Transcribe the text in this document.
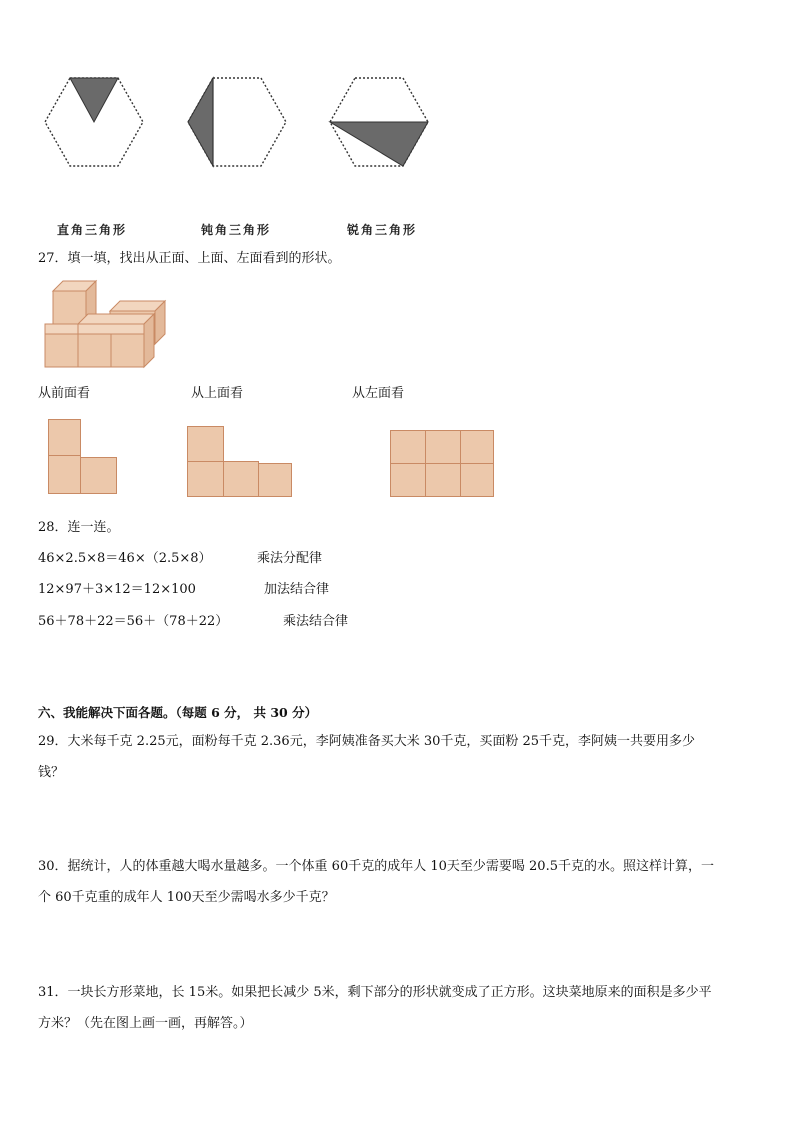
直角三角形	钝角三角形	锐角三角形
27．填一填，找出从正面、上面、左面看到的形状。
从前面看	从上面看	从左面看
28．连一连。
46×2.5×8＝46×（2.5×8）
12×97＋3×12＝12×100
56＋78＋22＝56＋（78＋22）
乘法分配律
加法结合律
乘法结合律
六、我能解决下面各题。（每题 6 分， 共 30 分）
29．大米每千克 2.25元，面粉每千克 2.36元，李阿姨准备买大米 30千克，买面粉 25千克，李阿姨一共要用多少
钱？
30．据统计，人的体重越大喝水量越多。一个体重 60千克的成年人 10天至少需要喝 20.5千克的水。照这样计算，一
个 60千克重的成年人 100天至少需喝水多少千克？
31．一块长方形菜地，长 15米。如果把长减少 5米，剩下部分的形状就变成了正方形。这块菜地原来的面积是多少平
方米？（先在图上画一画，再解答。）
